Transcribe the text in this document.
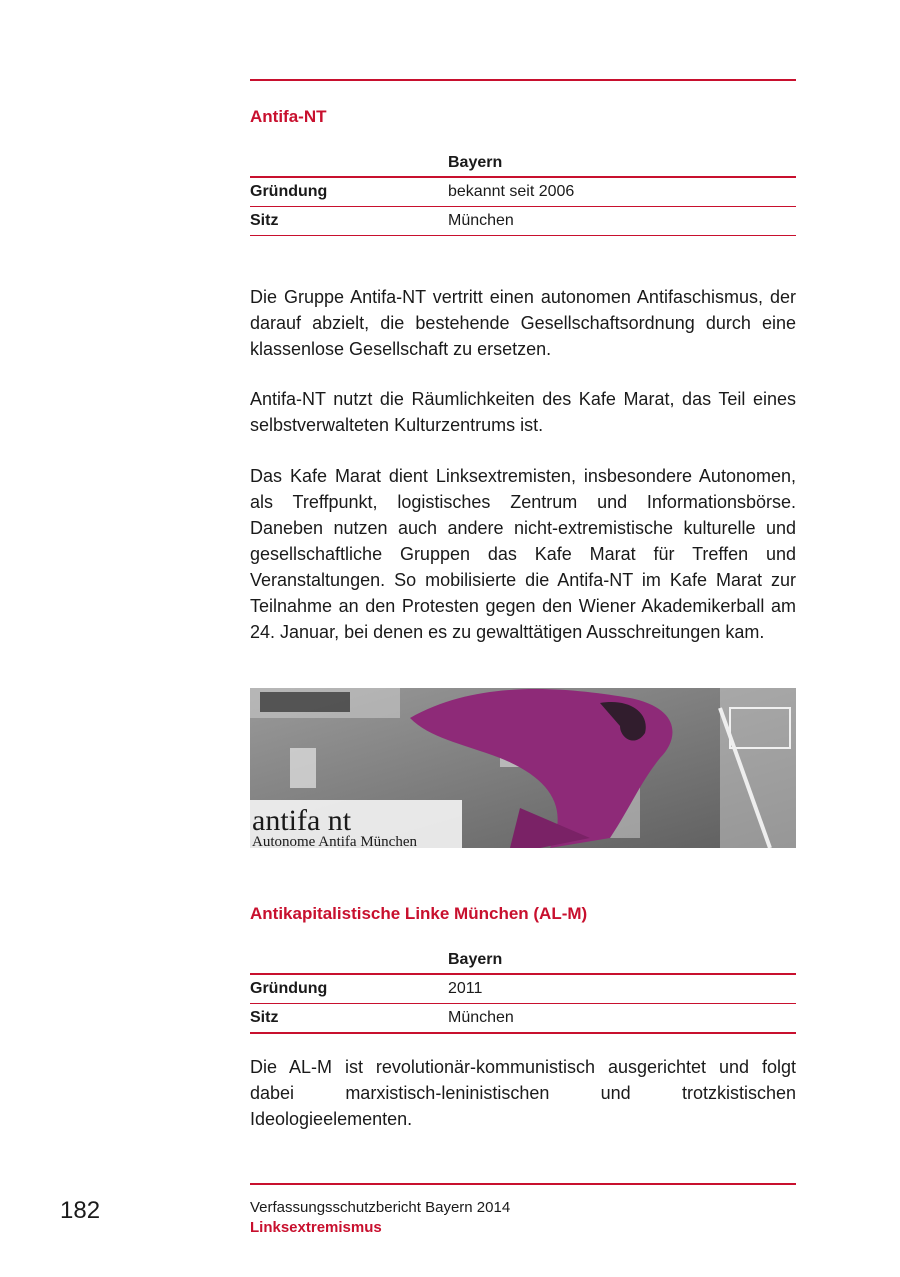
Antifa-NT
	Bayern
Gründung	bekannt seit 2006
Sitz	München

Die Gruppe Antifa-NT vertritt einen autonomen Antifaschismus, der darauf abzielt, die bestehende Gesellschaftsordnung durch eine klassenlose Gesellschaft zu ersetzen.

Antifa-NT nutzt die Räumlichkeiten des Kafe Marat, das Teil eines selbstverwalteten Kulturzentrums ist.

Das Kafe Marat dient Linksextremisten, insbesondere Autonomen, als Treffpunkt, logistisches Zentrum und Informationsbörse. Daneben nutzen auch andere nicht-extremistische kulturelle und gesellschaftliche Gruppen das Kafe Marat für Treffen und Veranstaltungen. So mobilisierte die Antifa-NT im Kafe Marat zur Teilnahme an den Protesten gegen den Wiener Akademikerball am 24. Januar, bei denen es zu gewalttätigen Ausschreitungen kam.

antifa nt
Autonome Antifa München
Antikapitalistische Linke München (AL-M)
	Bayern
Gründung	2011
Sitz	München

Die AL-M ist revolutionär-kommunistisch ausgerichtet und folgt dabei marxistisch-leninistischen und trotzkistischen Ideologieelementen.

182	Verfassungsschutzbericht Bayern 2014
Linksextremismus
